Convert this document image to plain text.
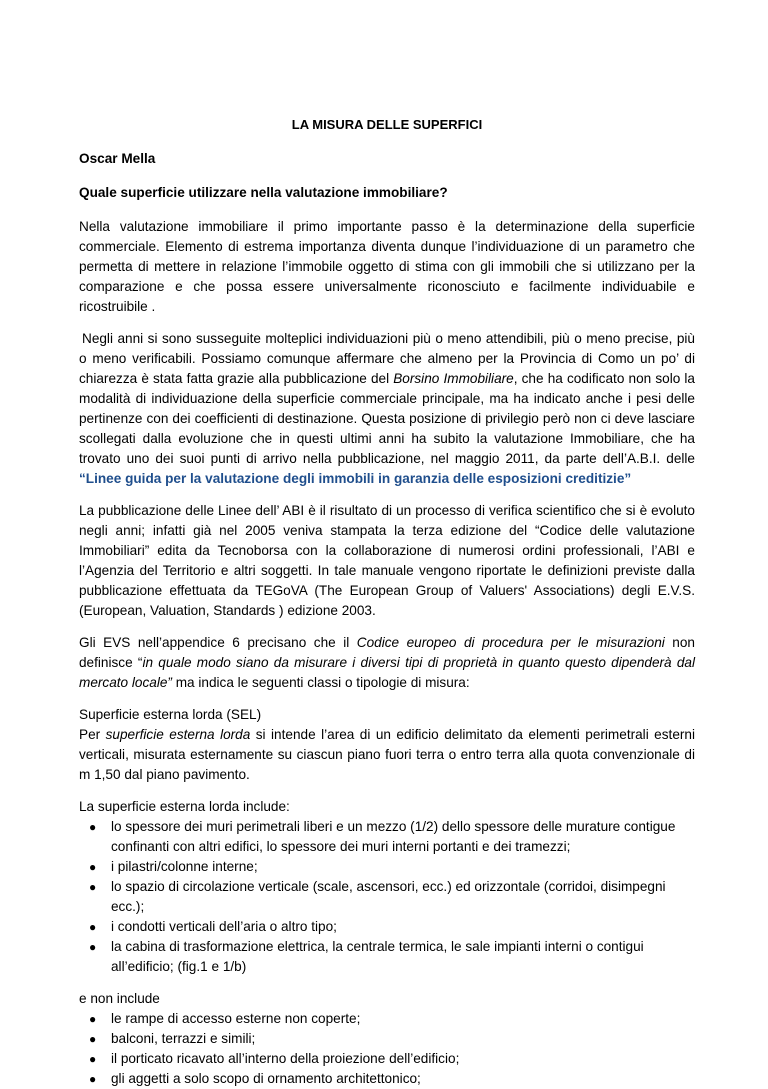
LA MISURA DELLE SUPERFICI
Oscar Mella
Quale superficie utilizzare nella valutazione immobiliare?

Nella valutazione immobiliare il primo importante passo è la determinazione della superficie commerciale. Elemento di estrema importanza diventa dunque l’individuazione di un parametro che permetta di mettere in relazione l’immobile oggetto di stima con gli immobili che si utilizzano per la comparazione e che possa essere universalmente riconosciuto e facilmente individuabile e ricostruibile .

Negli anni si sono susseguite molteplici individuazioni più o meno attendibili, più o meno precise, più o meno verificabili. Possiamo comunque affermare che almeno per la Provincia di Como un po’ di chiarezza è stata fatta grazie alla pubblicazione del Borsino Immobiliare, che ha codificato non solo la modalità di individuazione della superficie commerciale principale, ma ha indicato anche i pesi delle pertinenze con dei coefficienti di destinazione. Questa posizione di privilegio però non ci deve lasciare scollegati dalla evoluzione che in questi ultimi anni ha subito la valutazione Immobiliare, che ha trovato uno dei suoi punti di arrivo nella pubblicazione, nel maggio 2011, da parte dell’A.B.I. delle “Linee guida per la valutazione degli immobili in garanzia delle esposizioni creditizie”

La pubblicazione delle Linee dell’ ABI è il risultato di un processo di verifica scientifico che si è evoluto negli anni; infatti già nel 2005 veniva stampata la terza edizione del “Codice delle valutazione Immobiliari” edita da Tecnoborsa con la collaborazione di numerosi ordini professionali, l’ABI e l’Agenzia del Territorio e altri soggetti. In tale manuale vengono riportate le definizioni previste dalla pubblicazione effettuata da TEGoVA (The European Group of Valuers' Associations) degli E.V.S. (European, Valuation, Standards ) edizione 2003.

Gli EVS nell’appendice 6 precisano che il Codice europeo di procedura per le misurazioni non definisce “in quale modo siano da misurare i diversi tipi di proprietà in quanto questo dipenderà dal mercato locale” ma indica le seguenti classi o tipologie di misura:

Superficie esterna lorda (SEL)

Per superficie esterna lorda si intende l’area di un edificio delimitato da elementi perimetrali esterni verticali, misurata esternamente su ciascun piano fuori terra o entro terra alla quota convenzionale di m 1,50 dal piano pavimento.

La superficie esterna lorda include:
● lo spessore dei muri perimetrali liberi e un mezzo (1/2) dello spessore delle murature contigue confinanti con altri edifici, lo spessore dei muri interni portanti e dei tramezzi;
● i pilastri/colonne interne;
● lo spazio di circolazione verticale (scale, ascensori, ecc.) ed orizzontale (corridoi, disimpegni ecc.);
● i condotti verticali dell’aria o altro tipo;
● la cabina di trasformazione elettrica, la centrale termica, le sale impianti interni o contigui all’edificio; (fig.1 e 1/b)
e non include
● le rampe di accesso esterne non coperte;
● balconi, terrazzi e simili;
● il porticato ricavato all’interno della proiezione dell’edificio;
● gli aggetti a solo scopo di ornamento architettonico;
